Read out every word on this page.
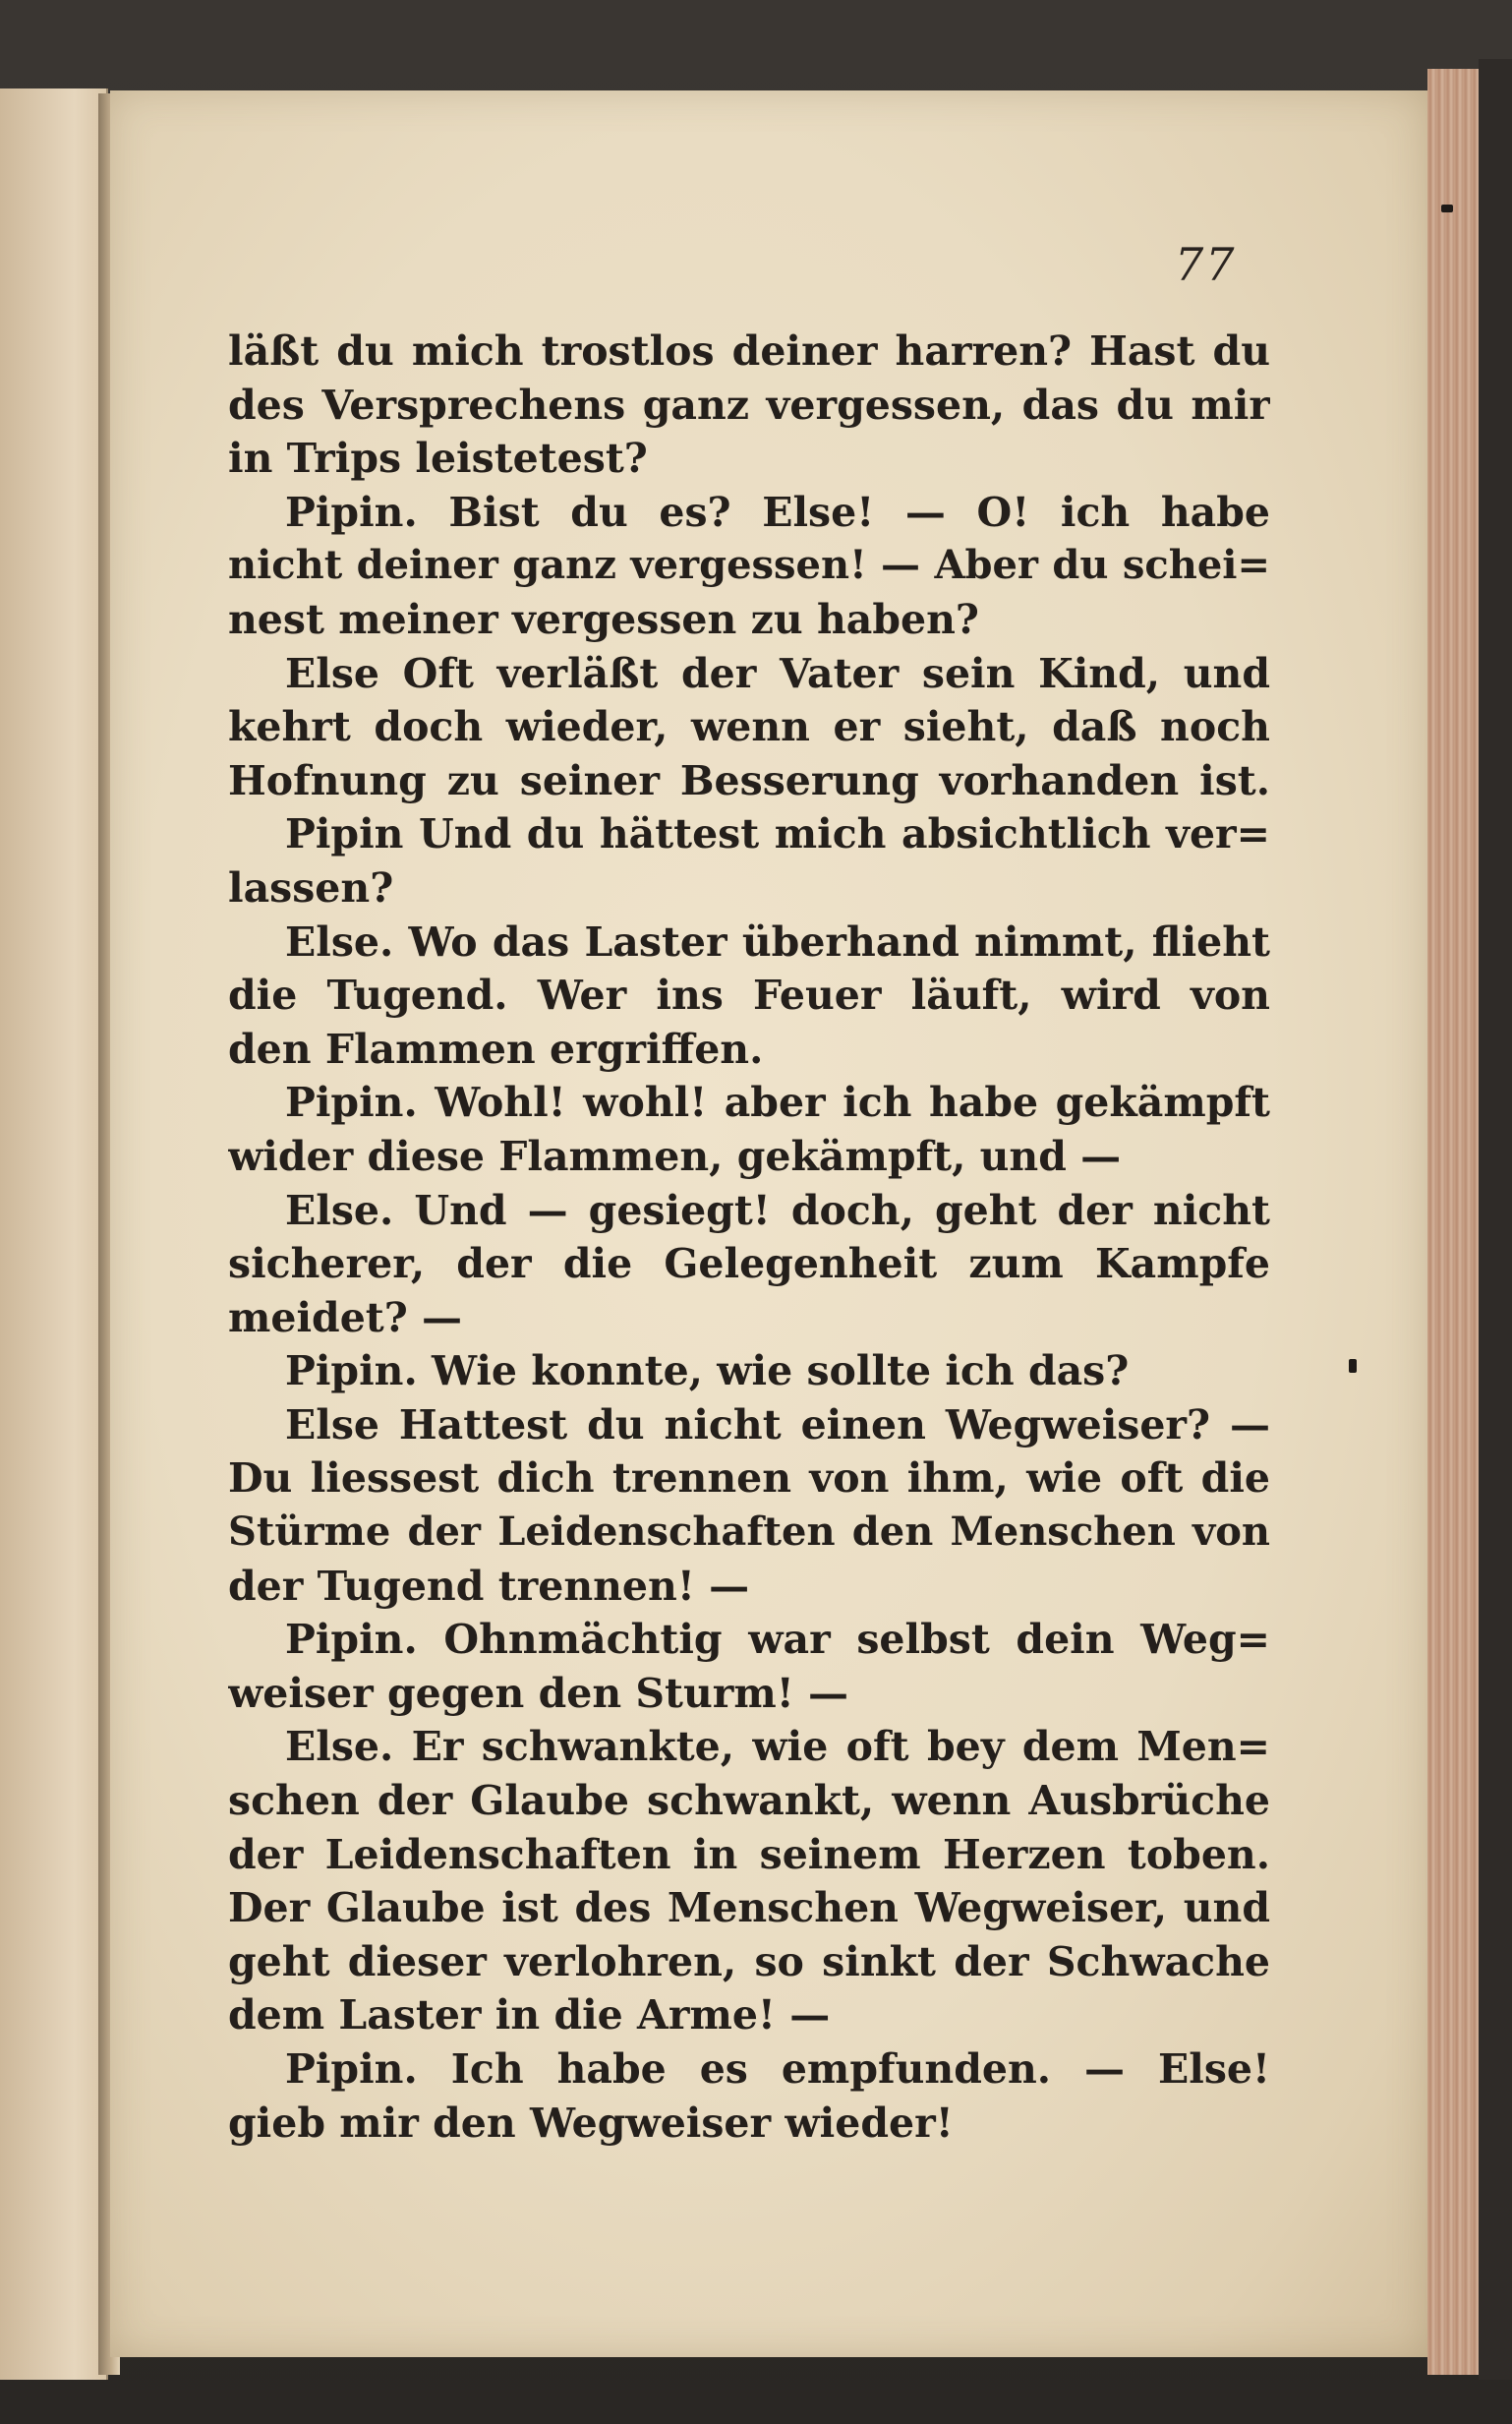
77
läßt du mich trostlos deiner harren? Hast du
des Versprechens ganz vergessen, das du mir
in Trips leistetest?
Pipin. Bist du es? Else! — O! ich habe
nicht deiner ganz vergessen! — Aber du schei=
nest meiner vergessen zu haben?
Else Oft verläßt der Vater sein Kind, und
kehrt doch wieder, wenn er sieht, daß noch
Hofnung zu seiner Besserung vorhanden ist.
Pipin Und du hättest mich absichtlich ver=
lassen?
Else. Wo das Laster überhand nimmt, flieht
die Tugend. Wer ins Feuer läuft, wird von
den Flammen ergriffen.
Pipin. Wohl! wohl! aber ich habe gekämpft
wider diese Flammen, gekämpft, und —
Else. Und — gesiegt! doch, geht der nicht
sicherer, der die Gelegenheit zum Kampfe
meidet? —
Pipin. Wie konnte, wie sollte ich das?
Else Hattest du nicht einen Wegweiser? —
Du liessest dich trennen von ihm, wie oft die
Stürme der Leidenschaften den Menschen von
der Tugend trennen! —
Pipin. Ohnmächtig war selbst dein Weg=
weiser gegen den Sturm! —
Else. Er schwankte, wie oft bey dem Men=
schen der Glaube schwankt, wenn Ausbrüche
der Leidenschaften in seinem Herzen toben.
Der Glaube ist des Menschen Wegweiser, und
geht dieser verlohren, so sinkt der Schwache
dem Laster in die Arme! —
Pipin. Ich habe es empfunden. — Else!
gieb mir den Wegweiser wieder!
